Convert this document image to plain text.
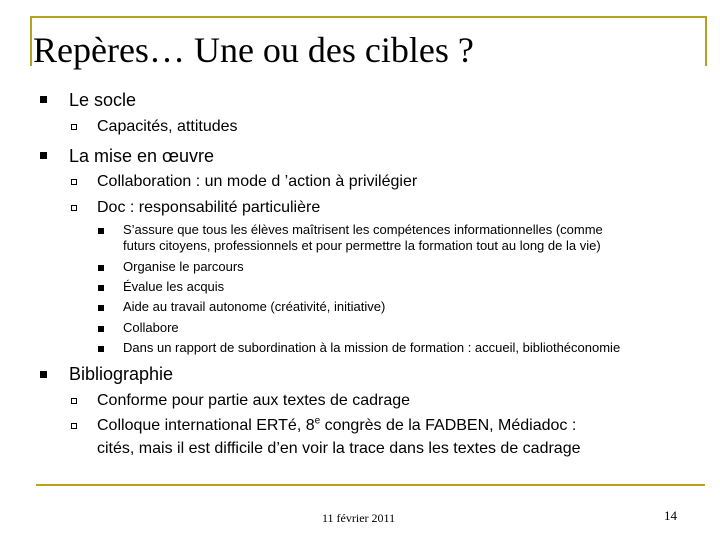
Repères… Une ou des cibles ?
Le socle
Capacités, attitudes
La mise en œuvre
Collaboration : un mode d ’action à privilégier
Doc : responsabilité particulière
S’assure que tous les élèves maîtrisent les compétences informationnelles (comme
futurs citoyens, professionnels et pour permettre la formation tout au long de la vie)
Organise le parcours
Évalue les acquis
Aide au travail autonome (créativité, initiative)
Collabore
Dans un rapport de subordination à la mission de formation : accueil, bibliothéconomie
Bibliographie
Conforme pour partie aux textes de cadrage
Colloque international ERTé, 8e congrès de la FADBEN, Médiadoc :
cités, mais il est difficile d’en voir la trace dans les textes de cadrage
11 février 2011	14
